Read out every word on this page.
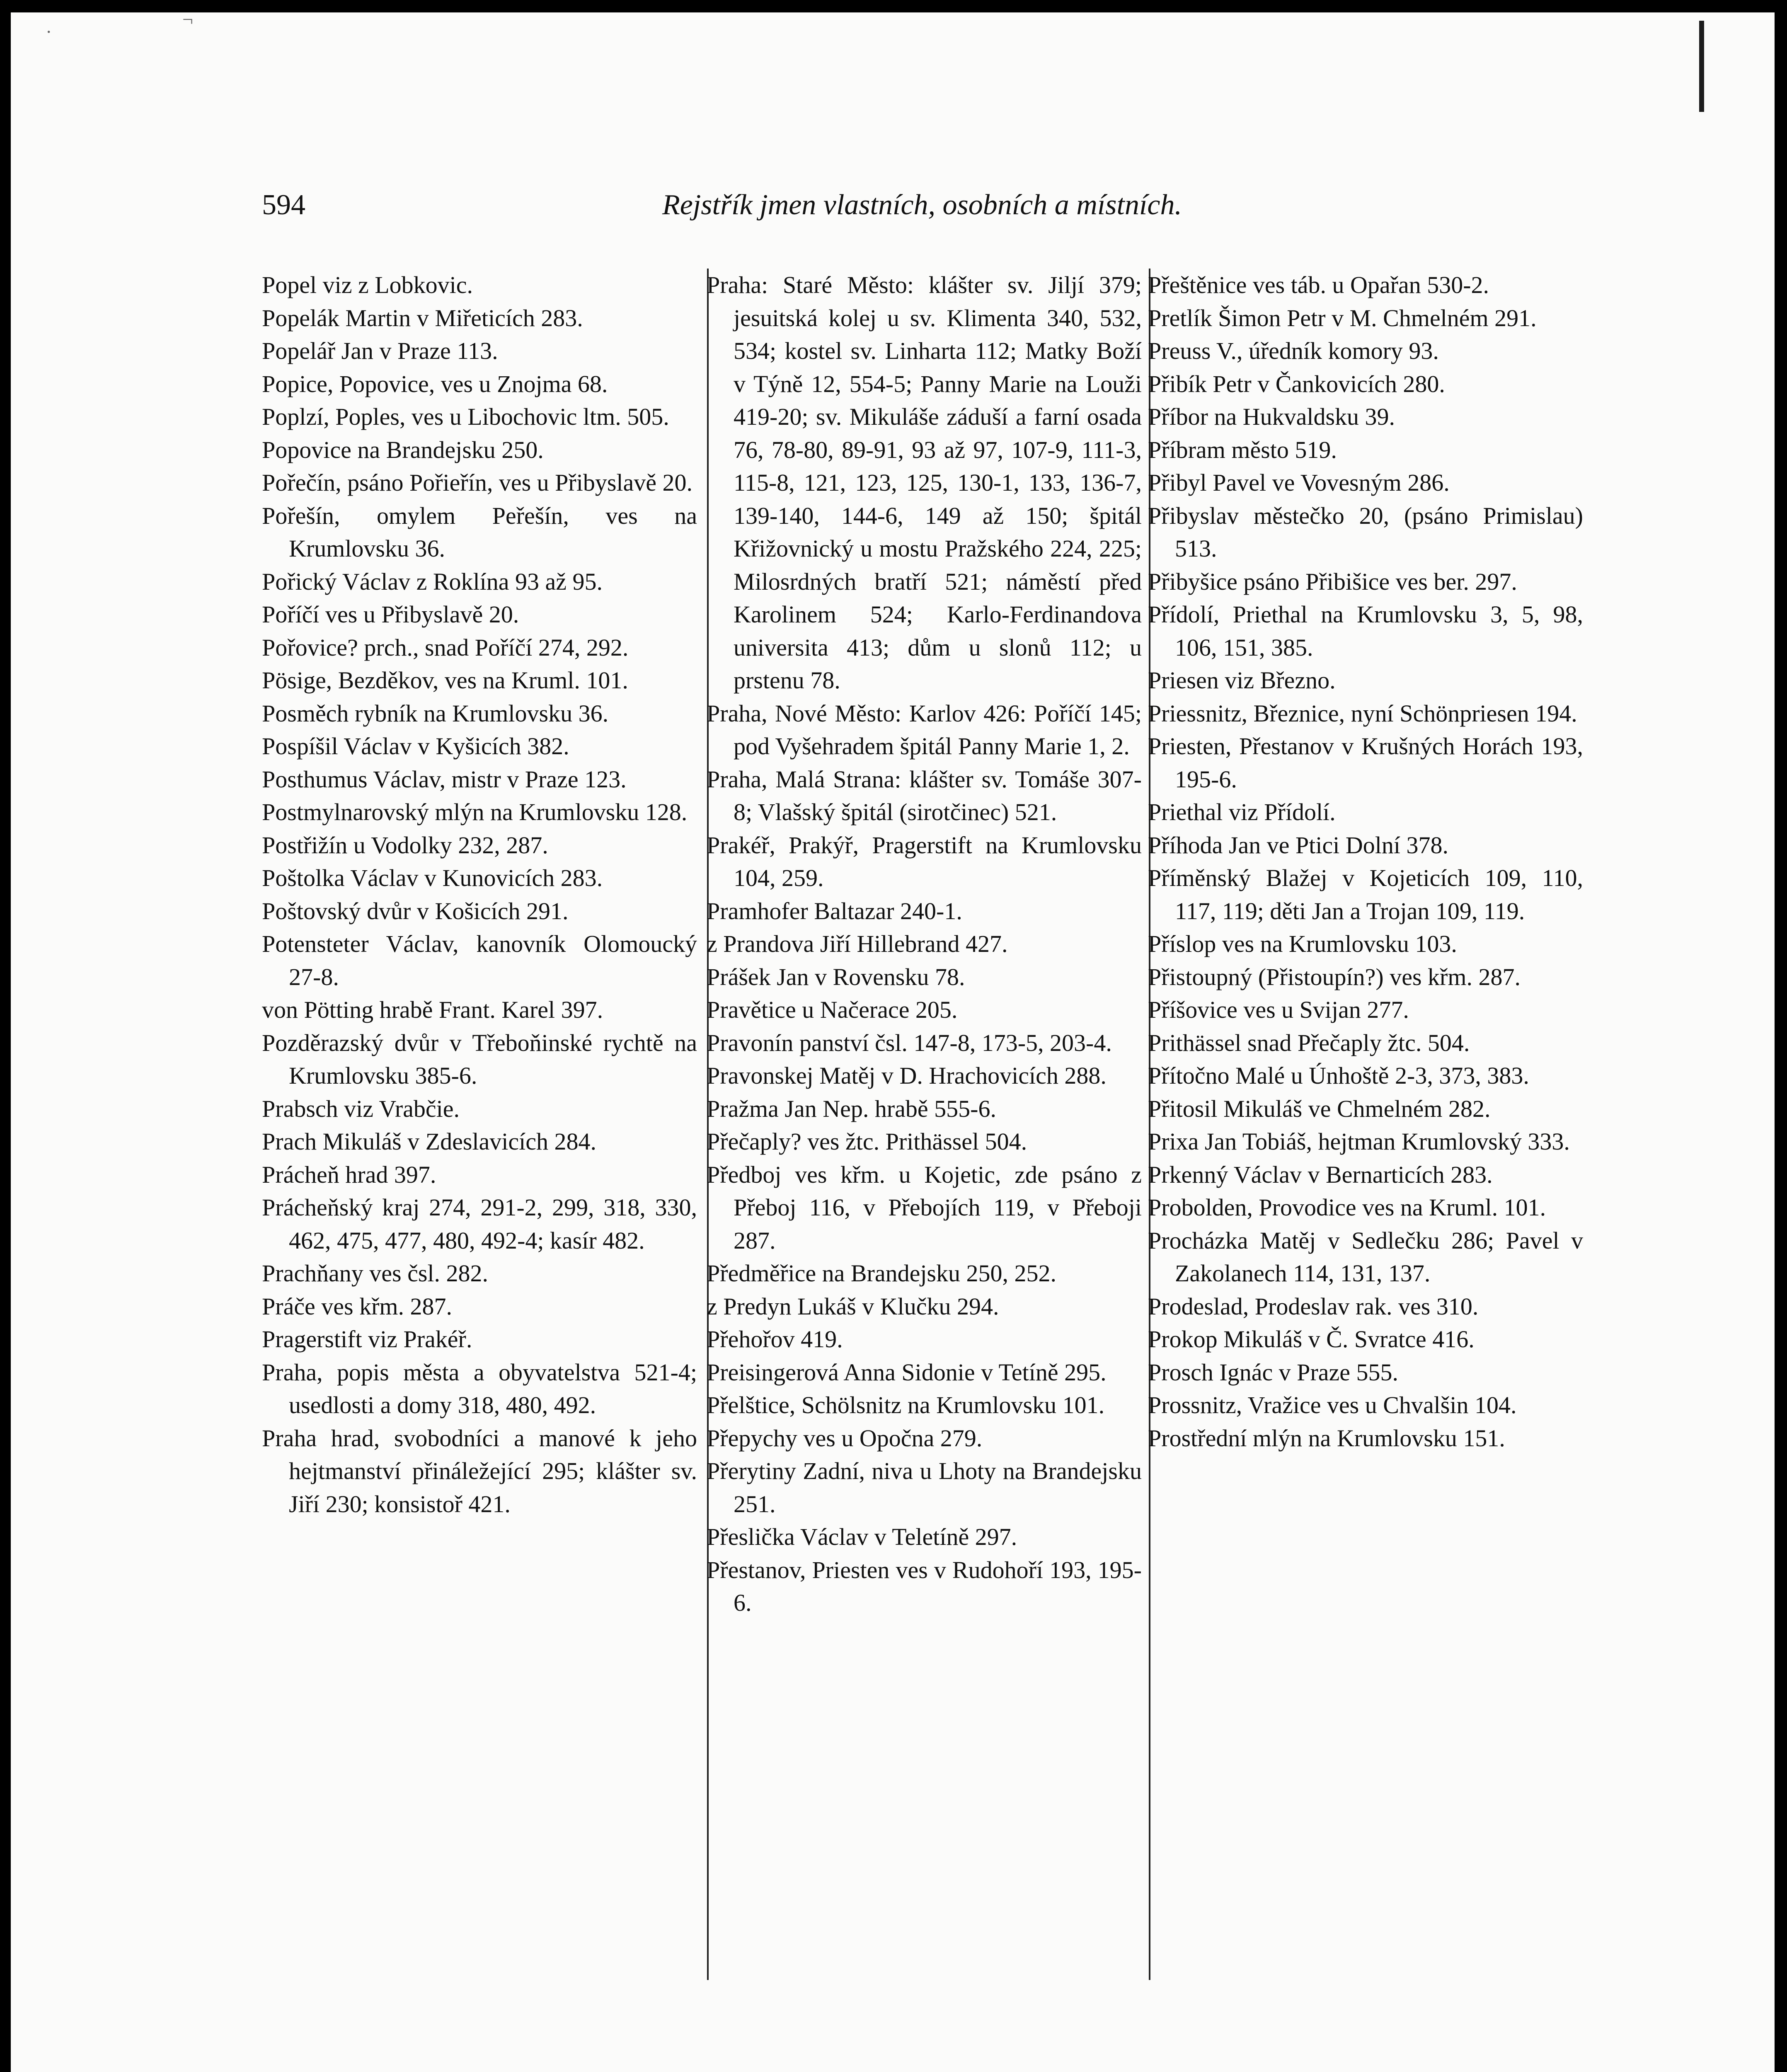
·
¬
594	Rejstřík jmen vlastních, osobních a místních.

Popel viz z Lobkovic.

Popelák Martin v Miřeticích 283.

Popelář Jan v Praze 113.

Popice, Popovice, ves u Znojma 68.

Poplzí, Poples, ves u Libochovic ltm. 505.

Popovice na Brandejsku 250.

Pořečín, psáno Pořieřín, ves u Přibyslavě 20.

Pořešín, omylem Peřešín, ves na Krumlovsku 36.

Pořický Václav z Roklína 93 až 95.

Poříčí ves u Přibyslavě 20.

Pořovice? prch., snad Poříčí 274, 292.

Pösige, Bezděkov, ves na Kruml. 101.

Posměch rybník na Krumlovsku 36.

Pospíšil Václav v Kyšicích 382.

Posthumus Václav, mistr v Praze 123.

Postmylnarovský mlýn na Krumlovsku 128.

Postřižín u Vodolky 232, 287.

Poštolka Václav v Kunovicích 283.

Poštovský dvůr v Košicích 291.

Potensteter Václav, kanovník Olomoucký 27-8.

von Pötting hrabě Frant. Karel 397.

Pozděrazský dvůr v Třeboňinské rychtě na Krumlovsku 385-6.

Prabsch viz Vrabčie.

Prach Mikuláš v Zdeslavicích 284.

Prácheň hrad 397.

Prácheňský kraj 274, 291-2, 299, 318, 330, 462, 475, 477, 480, 492-4; kasír 482.

Prachňany ves čsl. 282.

Práče ves křm. 287.

Pragerstift viz Prakéř.

Praha, popis města a obyvatelstva 521-4; usedlosti a domy 318, 480, 492.

Praha hrad, svobodníci a manové k jeho hejtmanství přináležející 295; klášter sv. Jiří 230; konsistoř 421.

Praha: Staré Město: klášter sv. Jiljí 379; jesuitská kolej u sv. Klimenta 340, 532, 534; kostel sv. Linharta 112; Matky Boží v Týně 12, 554-5; Panny Marie na Louži 419-20; sv. Mikuláše záduší a farní osada 76, 78-80, 89-91, 93 až 97, 107-9, 111-3, 115-8, 121, 123, 125, 130-1, 133, 136-7, 139-140, 144-6, 149 až 150; špitál Křižovnický u mostu Pražského 224, 225; Milosrdných bratří 521; náměstí před Karolinem 524; Karlo-Ferdinandova universita 413; dům u slonů 112; u prstenu 78.

Praha, Nové Město: Karlov 426: Poříčí 145; pod Vyšehradem špitál Panny Marie 1, 2.

Praha, Malá Strana: klášter sv. Tomáše 307-8; Vlašský špitál (sirotčinec) 521.

Prakéř, Prakýř, Pragerstift na Krumlovsku 104, 259.

Pramhofer Baltazar 240-1.

z Prandova Jiří Hillebrand 427.

Prášek Jan v Rovensku 78.

Pravětice u Načerace 205.

Pravonín panství čsl. 147-8, 173-5, 203-4.

Pravonskej Matěj v D. Hrachovicích 288.

Pražma Jan Nep. hrabě 555-6.

Přečaply? ves žtc. Prithässel 504.

Předboj ves křm. u Kojetic, zde psáno z Přeboj 116, v Přebojích 119, v Přeboji 287.

Předměřice na Brandejsku 250, 252.

z Predyn Lukáš v Klučku 294.

Přehořov 419.

Preisingerová Anna Sidonie v Tetíně 295.

Přelštice, Schölsnitz na Krumlovsku 101.

Přepychy ves u Opočna 279.

Přerytiny Zadní, niva u Lhoty na Brandejsku 251.

Přeslička Václav v Teletíně 297.

Přestanov, Priesten ves v Rudohoří 193, 195-6.

Přeštěnice ves táb. u Opařan 530-2.

Pretlík Šimon Petr v M. Chmelném 291.

Preuss V., úředník komory 93.

Přibík Petr v Čankovicích 280.

Příbor na Hukvaldsku 39.

Příbram město 519.

Přibyl Pavel ve Vovesným 286.

Přibyslav městečko 20, (psáno Primislau) 513.

Přibyšice psáno Přibišice ves ber. 297.

Přídolí, Priethal na Krumlovsku 3, 5, 98, 106, 151, 385.

Priesen viz Březno.

Priessnitz, Březnice, nyní Schönpriesen 194.

Priesten, Přestanov v Krušných Horách 193, 195-6.

Priethal viz Přídolí.

Příhoda Jan ve Ptici Dolní 378.

Příměnský Blažej v Kojeticích 109, 110, 117, 119; děti Jan a Trojan 109, 119.

Příslop ves na Krumlovsku 103.

Přistoupný (Přistoupín?) ves křm. 287.

Příšovice ves u Svijan 277.

Prithässel snad Přečaply žtc. 504.

Přítočno Malé u Únhoště 2-3, 373, 383.

Přitosil Mikuláš ve Chmelném 282.

Prixa Jan Tobiáš, hejtman Krumlovský 333.

Prkenný Václav v Bernarticích 283.

Probolden, Provodice ves na Kruml. 101.

Procházka Matěj v Sedlečku 286; Pavel v Zakolanech 114, 131, 137.

Prodeslad, Prodeslav rak. ves 310.

Prokop Mikuláš v Č. Svratce 416.

Prosch Ignác v Praze 555.

Prossnitz, Vražice ves u Chvalšin 104.

Prostřední mlýn na Krumlovsku 151.
